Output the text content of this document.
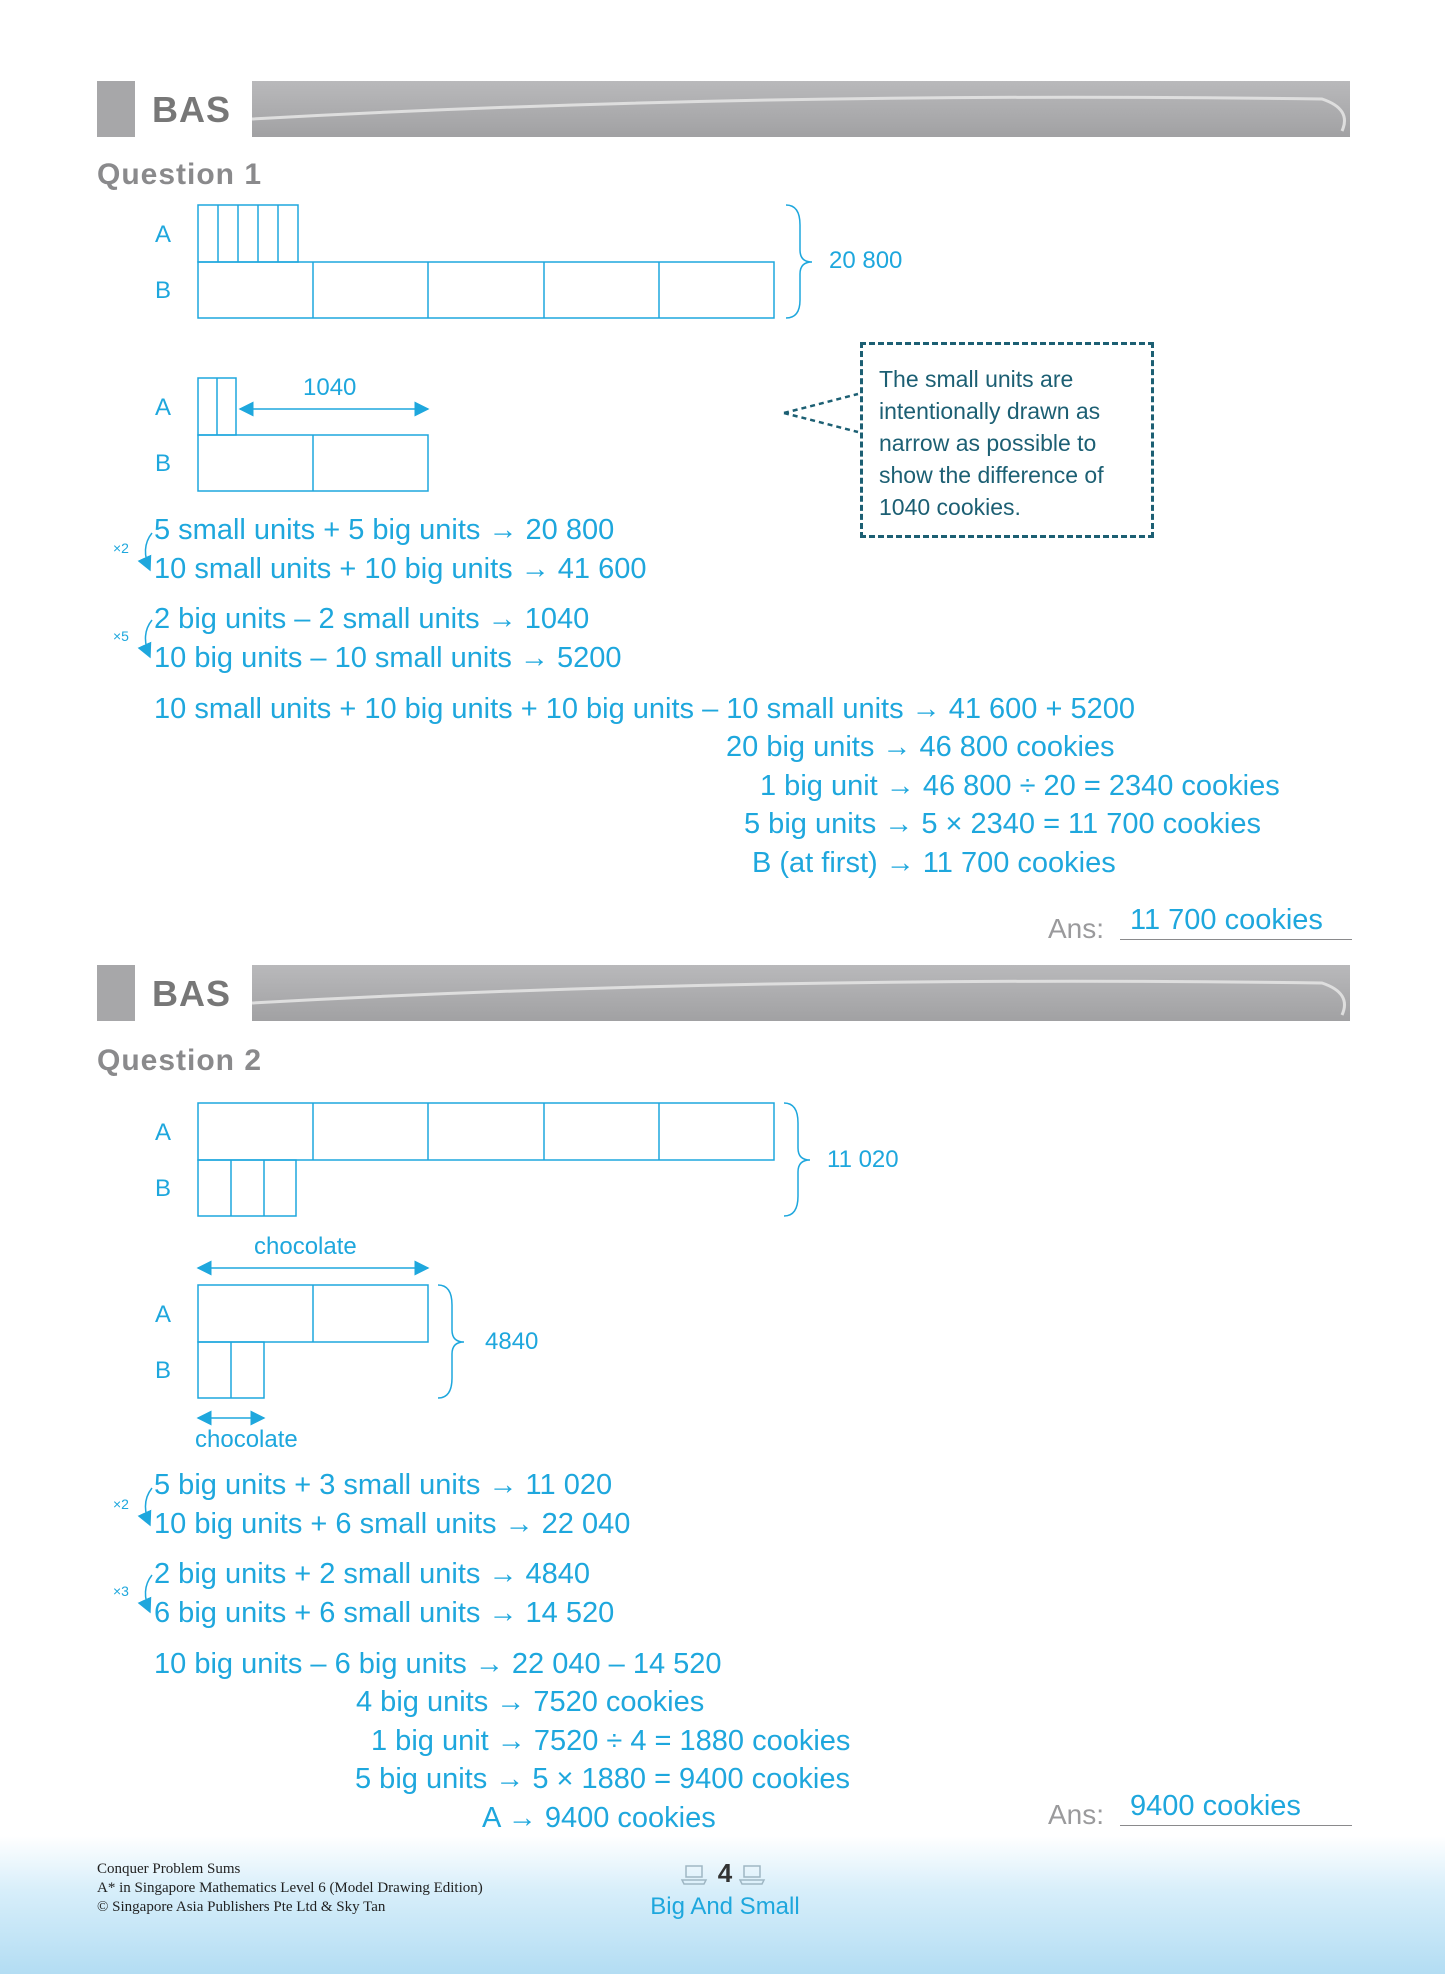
BAS
Question 1
A
B
20 800
A
1040
B
The small units are intentionally drawn as narrow as possible to show the difference of 1040 cookies.
×2
×5
5 small units + 5 big units → 20 800
10 small units + 10 big units → 41 600
2 big units – 2 small units → 1040
10 big units – 10 small units → 5200
10 small units + 10 big units + 10 big units – 10 small units → 41 600 + 5200
20 big units → 46 800 cookies
1 big unit → 46 800 ÷ 20 = 2340 cookies
5 big units → 5 × 2340 = 11 700 cookies
B (at first) → 11 700 cookies
Ans: 11 700 cookies
BAS
Question 2
A
B
11 020
chocolate
A
4840
B
chocolate
×2
×3
5 big units + 3 small units → 11 020
10 big units + 6 small units → 22 040
2 big units + 2 small units → 4840
6 big units + 6 small units → 14 520
10 big units – 6 big units → 22 040 – 14 520
4 big units → 7520 cookies
1 big unit → 7520 ÷ 4 = 1880 cookies
5 big units → 5 × 1880 = 9400 cookies
A → 9400 cookies	Ans: 9400 cookies
Conquer Problem Sums
A* in Singapore Mathematics Level 6 (Model Drawing Edition)
© Singapore Asia Publishers Pte Ltd & Sky Tan
4
Big And Small
